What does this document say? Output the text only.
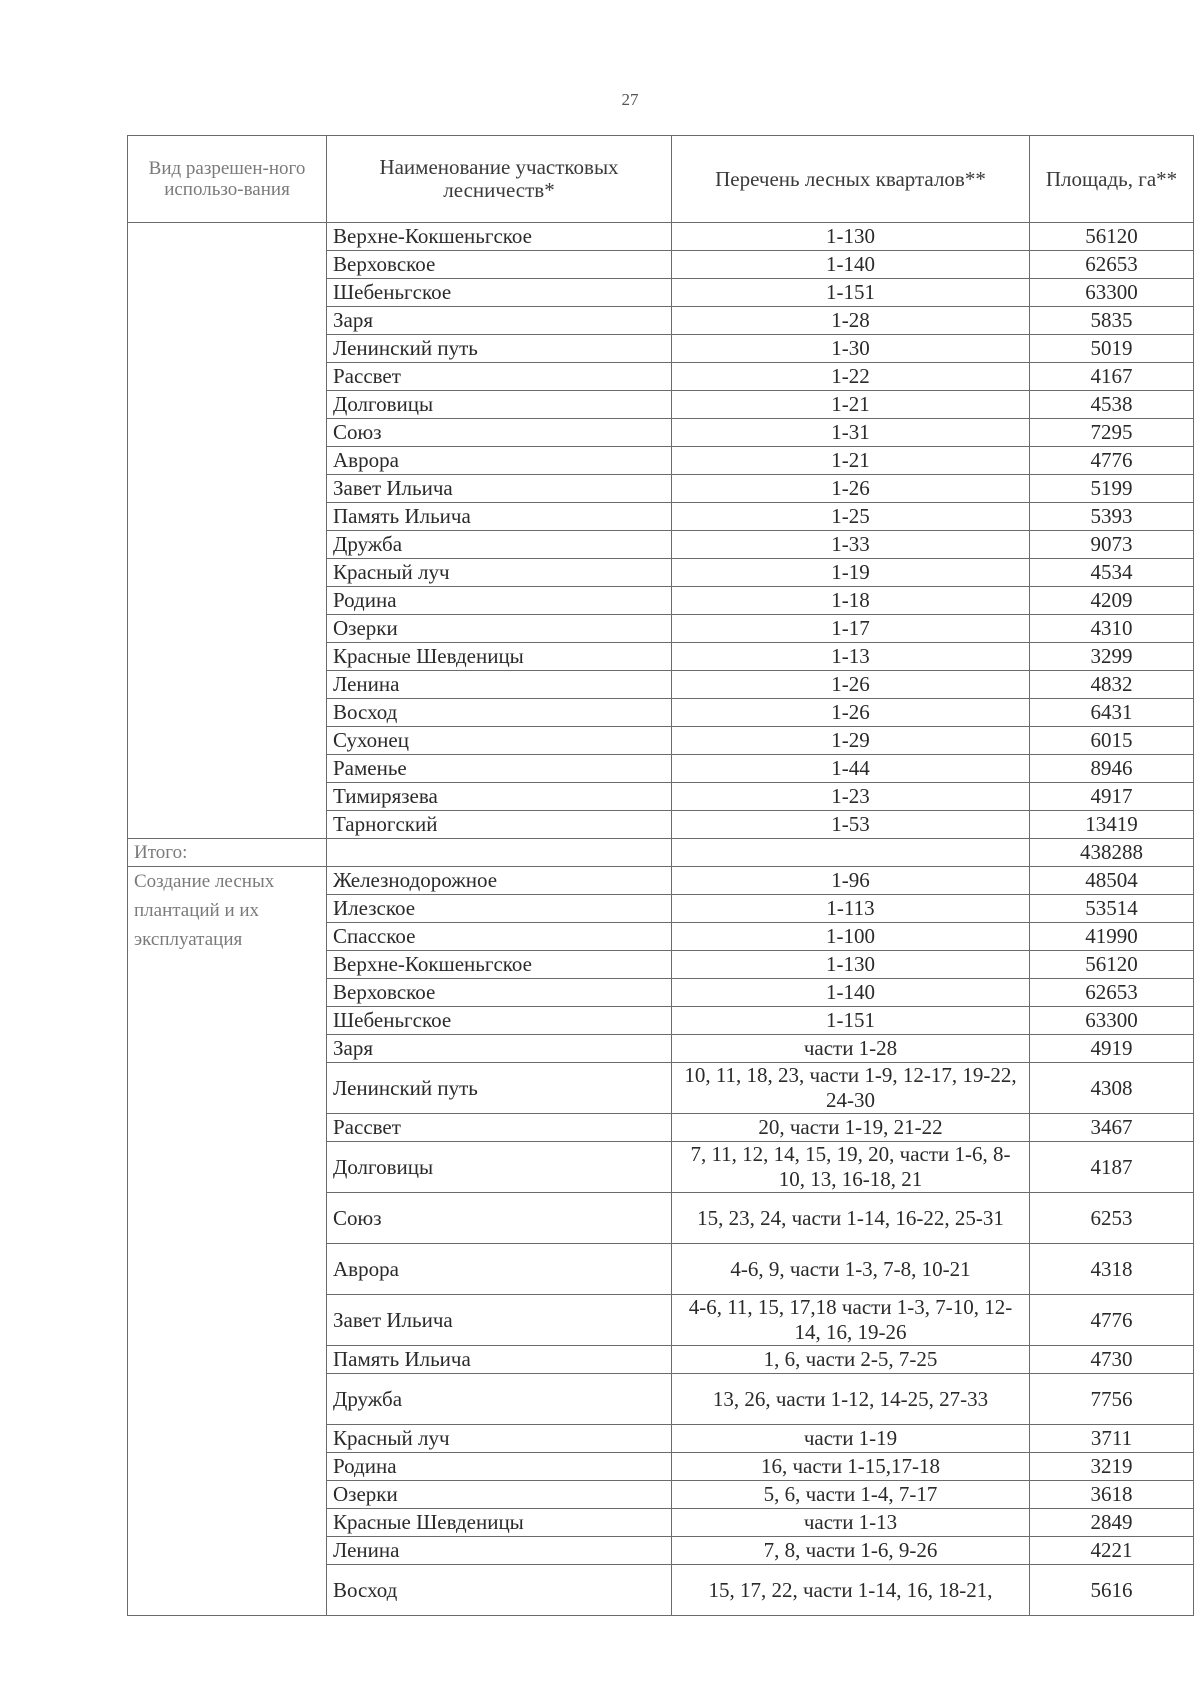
27
Вид разрешен-ного использо-вания	Наименование участковых лесничеств*	Перечень лесных кварталов**	Площадь, га**
	Верхне-Кокшеньгское	1-130	56120
	Верховское	1-140	62653
	Шебеньгское	1-151	63300
	Заря	1-28	5835
	Ленинский путь	1-30	5019
	Рассвет	1-22	4167
	Долговицы	1-21	4538
	Союз	1-31	7295
	Аврора	1-21	4776
	Завет Ильича	1-26	5199
	Память Ильича	1-25	5393
	Дружба	1-33	9073
	Красный луч	1-19	4534
	Родина	1-18	4209
	Озерки	1-17	4310
	Красные Шевденицы	1-13	3299
	Ленина	1-26	4832
	Восход	1-26	6431
	Сухонец	1-29	6015
	Раменье	1-44	8946
	Тимирязева	1-23	4917
	Тарногский	1-53	13419
Итого:			438288
Создание лесных плантаций и их эксплуатация	Железнодорожное	1-96	48504
	Илезское	1-113	53514
	Спасское	1-100	41990
	Верхне-Кокшеньгское	1-130	56120
	Верховское	1-140	62653
	Шебеньгское	1-151	63300
	Заря	части 1-28	4919
	Ленинский путь	10, 11, 18, 23, части 1-9, 12-17, 19-22, 24-30	4308
	Рассвет	20, части 1-19, 21-22	3467
	Долговицы	7, 11, 12, 14, 15, 19, 20, части 1-6, 8-10, 13, 16-18, 21	4187
	Союз	15, 23, 24, части 1-14, 16-22, 25-31	6253
	Аврора	4-6, 9, части 1-3, 7-8, 10-21	4318
	Завет Ильича	4-6, 11, 15, 17,18 части 1-3, 7-10, 12-14, 16, 19-26	4776
	Память Ильича	1, 6, части 2-5, 7-25	4730
	Дружба	13, 26, части 1-12, 14-25, 27-33	7756
	Красный луч	части 1-19	3711
	Родина	16, части 1-15,17-18	3219
	Озерки	5, 6, части 1-4, 7-17	3618
	Красные Шевденицы	части 1-13	2849
	Ленина	7, 8, части 1-6, 9-26	4221
	Восход	15, 17, 22, части 1-14, 16, 18-21,	5616
